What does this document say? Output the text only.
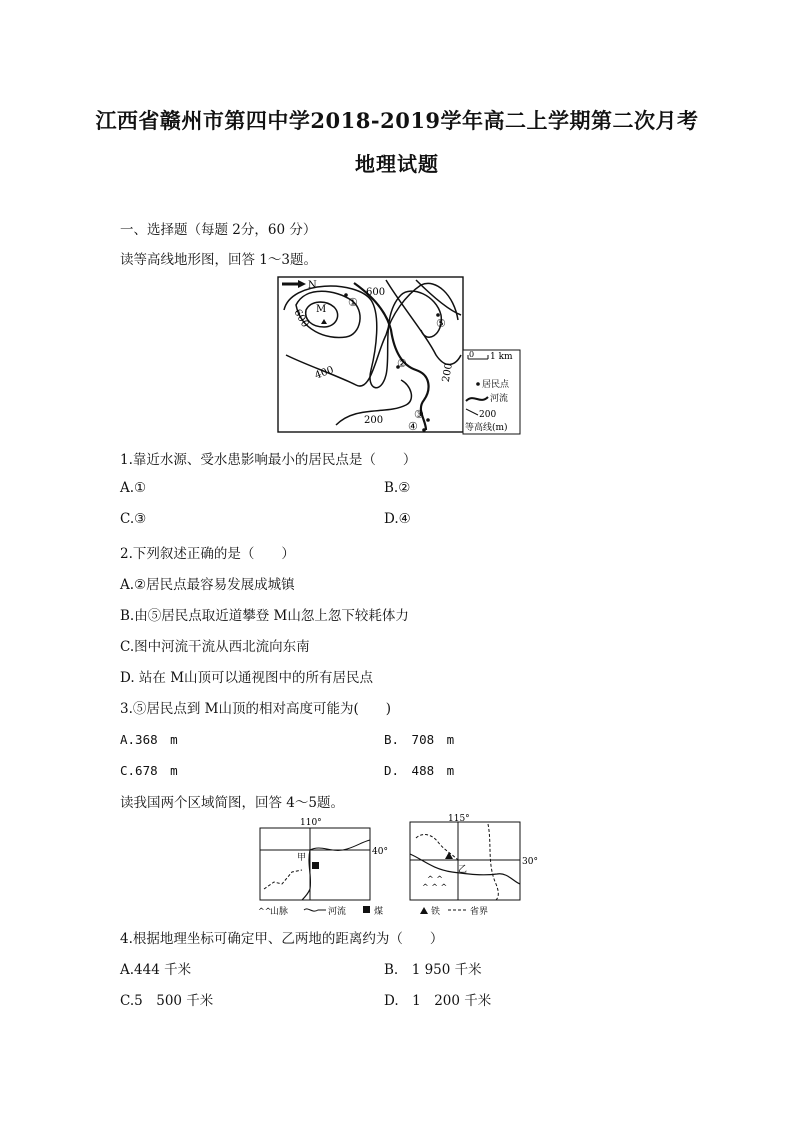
江西省赣州市第四中学2018-2019学年高二上学期第二次月考
地理试题
一、选择题（每题 2分，60 分）
读等高线地形图，回答 1～3题。
N
600
600
400
200
200
M
①
②
③
④
⑤
0 1 km
居民点
河流
200
等高线(m)
1.靠近水源、受水患影响最小的居民点是（　　）
A.①	B.②
C.③	D.④
2.下列叙述正确的是（　　）
A.②居民点最容易发展成城镇
B.由⑤居民点取近道攀登 M山忽上忽下较耗体力
C.图中河流干流从西北流向东南
D. 站在 M山顶可以通视图中的所有居民点
3.⑤居民点到 M山顶的相对高度可能为(　　)
A.368　m	B.　708　m
C.678　m	D.　488　m
读我国两个区域简图，回答 4～5题。
110°
40°
甲
^^
山脉	河流	煤
115°
30°
乙
^ ^
^ ^ ^
铁	省界
4.根据地理坐标可确定甲、乙两地的距离约为（　　）
A.444 千米	B.　1 950 千米
C.5　500 千米	D.　1　200 千米
